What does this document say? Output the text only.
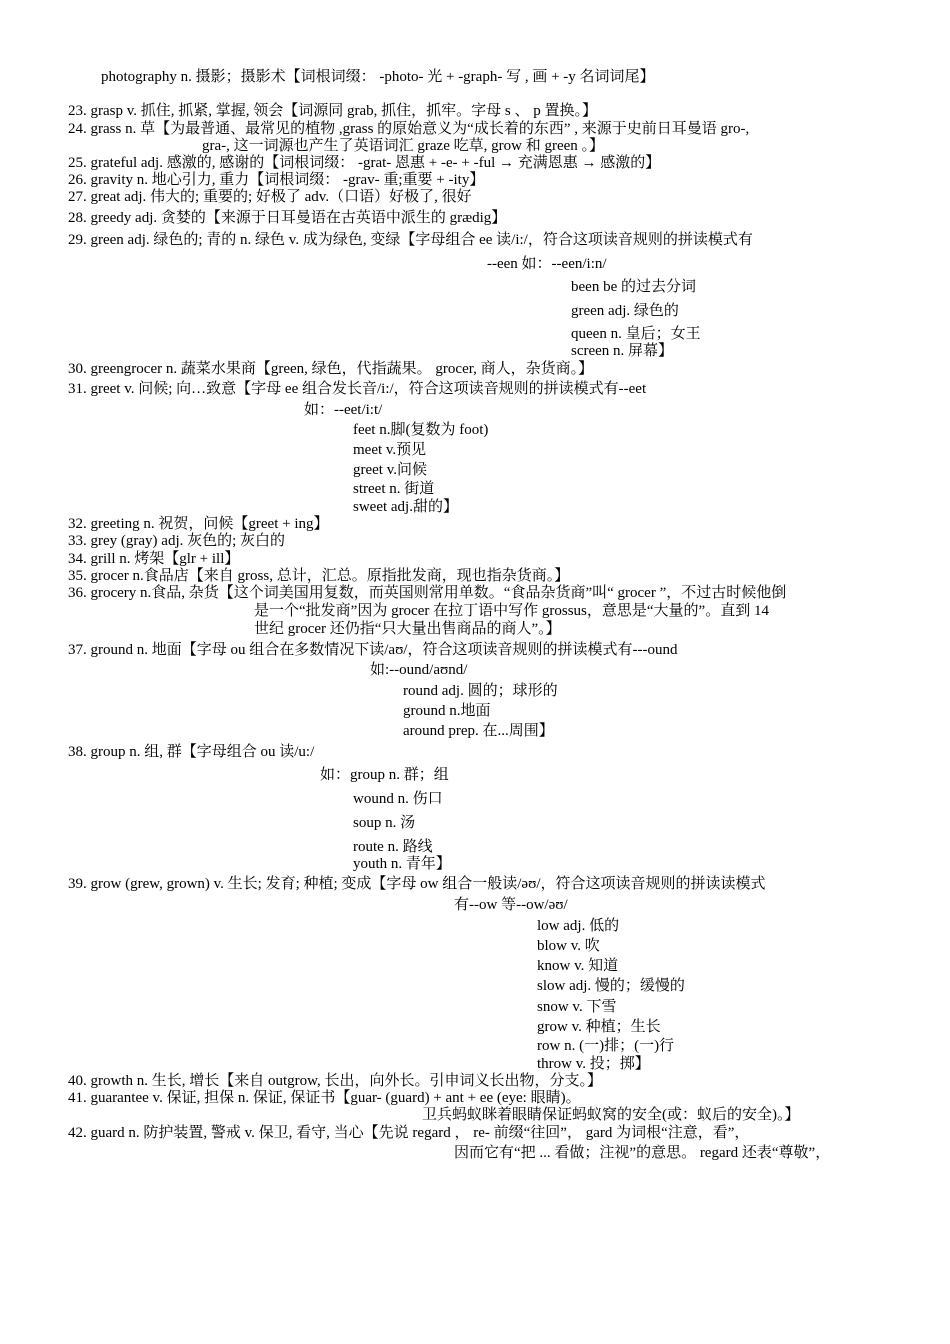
photography n. 摄影；摄影术【词根词缀： -photo- 光 + -graph- 写 , 画 + -y 名词词尾】
23. grasp v. 抓住, 抓紧, 掌握, 领会【词源同 grab, 抓住，抓牢。字母 s 、 p 置换。】
24. grass n. 草【为最普通、最常见的植物 ,grass 的原始意义为“成长着的东西” , 来源于史前日耳曼语 gro-,
gra-, 这一词源也产生了英语词汇 graze 吃草, grow 和 green 。】
25. grateful adj. 感激的, 感谢的【词根词缀： -grat- 恩惠 + -e- + -ful → 充满恩惠 → 感激的】
26. gravity n. 地心引力, 重力【词根词缀： -grav- 重;重要 + -ity】
27. great adj. 伟大的; 重要的; 好极了 adv.（口语）好极了, 很好
28. greedy adj. 贪婪的【来源于日耳曼语在古英语中派生的 grædig】
29. green adj. 绿色的; 青的 n. 绿色 v. 成为绿色, 变绿【字母组合 ee 读/i:/，符合这项读音规则的拼读模式有
--een 如：--een/i:n/
been be 的过去分词
green adj. 绿色的
queen n. 皇后；女王
screen n. 屏幕】
30. greengrocer n. 蔬菜水果商【green, 绿色，代指蔬果。 grocer, 商人，杂货商。】
31. greet v. 问候; 向…致意【字母 ee 组合发长音/i:/，符合这项读音规则的拼读模式有--eet
如：--eet/i:t/
feet n.脚(复数为 foot)
meet v.预见
greet v.问候
street n. 街道
sweet adj.甜的】
32. greeting n. 祝贺，问候【greet + ing】
33. grey (gray) adj. 灰色的; 灰白的
34. grill n. 烤架【glr + ill】
35. grocer n.食品店【来自 gross, 总计，汇总。原指批发商，现也指杂货商。】
36. grocery n.食品, 杂货【这个词美国用复数，而英国则常用单数。“食品杂货商”叫“ grocer ”，不过古时候他倒
是一个“批发商”因为 grocer 在拉丁语中写作 grossus，意思是“大量的”。直到 14
世纪 grocer 还仍指“只大量出售商品的商人”。】
37. ground n. 地面【字母 ou 组合在多数情况下读/aʊ/，符合这项读音规则的拼读模式有---ound
如:--ound/aʊnd/
round adj. 圆的；球形的
ground n.地面
around prep. 在...周围】
38. group n. 组, 群【字母组合 ou 读/u:/
如：group n. 群；组
wound n. 伤口
soup n. 汤
route n. 路线
youth n. 青年】
39. grow (grew, grown) v. 生长; 发育; 种植; 变成【字母 ow 组合一般读/əʊ/，符合这项读音规则的拼读读模式
有--ow 等--ow/əʊ/
low adj. 低的
blow v. 吹
know v. 知道
slow adj. 慢的；缓慢的
snow v. 下雪
grow v. 种植；生长
row n. (一)排；(一)行
throw v. 投；掷】
40. growth n. 生长, 增长【来自 outgrow, 长出，向外长。引申词义长出物，分支。】
41. guarantee v. 保证, 担保 n. 保证, 保证书【guar- (guard) + ant + ee (eye: 眼睛)。
卫兵蚂蚁眯着眼睛保证蚂蚁窝的安全(或：蚁后的安全)。】
42. guard n. 防护装置, 警戒 v. 保卫, 看守, 当心【先说 regard ， re- 前缀“往回”， gard 为词根“注意，看”，
因而它有“把 ... 看做；注视”的意思。 regard 还表“尊敬”，
